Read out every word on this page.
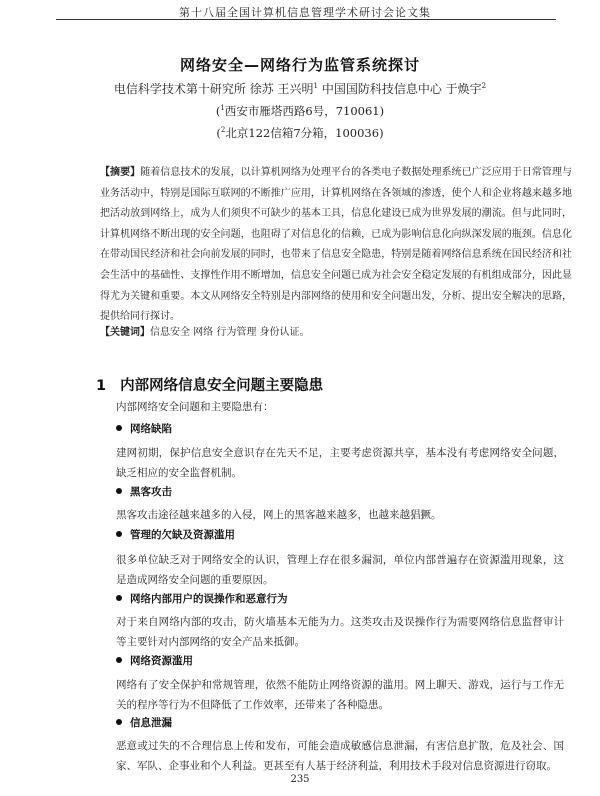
第十八届全国计算机信息管理学术研讨会论文集
网络安全—网络行为监管系统探讨
电信科学技术第十研究所 徐苏 王兴明$^1$ 中国国防科技信息中心 于焕宇$^2$
($^1$西安市雁塔西路6号，710061)
($^2$北京122信箱7分箱，100036)
【摘要】随着信息技术的发展，以计算机网络为处理平台的各类电子数据处理系统已广泛应用于日常管理与业务活动中，特别是国际互联网的不断推广应用，计算机网络在各领域的渗透，使个人和企业将越来越多地把活动放到网络上，成为人们须臾不可缺少的基本工具，信息化建设已成为世界发展的潮流。但与此同时，计算机网络不断出现的安全问题，也阻碍了对信息化的信赖，已成为影响信息化向纵深发展的瓶颈。信息化在带动国民经济和社会向前发展的同时，也带来了信息安全隐患，特别是随着网络信息系统在国民经济和社会生活中的基础性、支撑性作用不断增加，信息安全问题已成为社会安全稳定发展的有机组成部分，因此显得尤为关键和重要。本文从网络安全特别是内部网络的使用和安全问题出发，分析、提出安全解决的思路，提供给同行探讨。
【关键词】信息安全 网络 行为管理 身份认证。
1 内部网络信息安全问题主要隐患
内部网络安全问题和主要隐患有：
网络缺陷
建网初期，保护信息安全意识存在先天不足，主要考虑资源共享，基本没有考虑网络安全问题，缺乏相应的安全监督机制。
黑客攻击
黑客攻击途径越来越多的入侵，网上的黑客越来越多，也越来越猖獗。
管理的欠缺及资源滥用
很多单位缺乏对于网络安全的认识，管理上存在很多漏洞，单位内部普遍存在资源滥用现象，这是造成网络安全问题的重要原因。
网络内部用户的误操作和恶意行为
对于来自网络内部的攻击，防火墙基本无能为力。这类攻击及误操作行为需要网络信息监督审计等主要针对内部网络的安全产品来抵御。
网络资源滥用
网络有了安全保护和常规管理，依然不能防止网络资源的滥用。网上聊天、游戏，运行与工作无关的程序等行为不但降低了工作效率，还带来了各种隐患。
信息泄漏
恶意或过失的不合理信息上传和发布，可能会造成敏感信息泄漏，有害信息扩散，危及社会、国家、军队、企事业和个人利益。更甚至有人基于经济利益，利用技术手段对信息资源进行窃取。
235
